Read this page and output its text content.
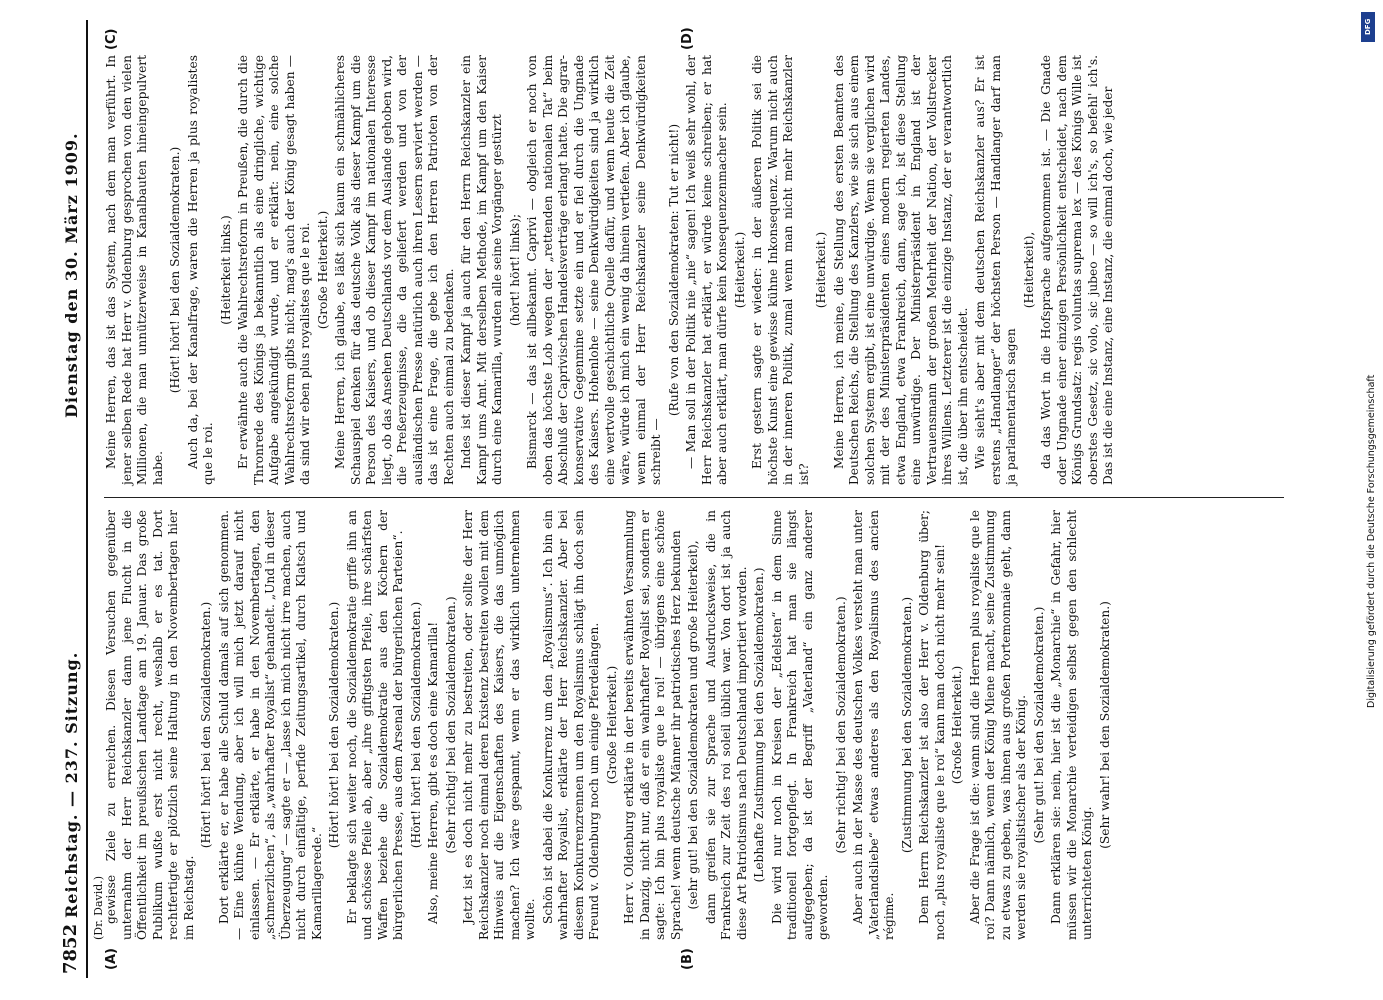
7852
Reichstag. — 237. Sitzung.
Dienstag den 30. März 1909.
(Dr. David.)
(A)	(B)
(C)	(D)

gewisse Ziele zu erreichen. Diesen Versuchen gegenüber unternahm der Herr Reichskanzler dann jene Flucht in die Öffentlichkeit im preußischen Landtage am 19. Januar. Das große Publikum wußte erst nicht recht, weshalb er es tat. Dort rechtfertigte er plötzlich seine Haltung in den Novembertagen hier im Reichstag.

(Hört! hört! bei den Sozialdemokraten.) Dort erklärte er, er habe alle Schuld damals auf sich genommen. — Eine kühne Wendung, aber ich will mich jetzt darauf nicht einlassen. — Er erklärte, er habe in den Novembertagen, den „schmerzlichen“, als „wahrhafter Royalist“ gehandelt. „Und in dieser Überzeugung“ — sagte er — „lasse ich mich nicht irre machen, auch nicht durch einfältige, perfide Zeitungsartikel, durch Klatsch und Kamarillagerede.“

(Hört! hört! bei den Sozialdemokraten.) Er beklagte sich weiter noch, die Sozialdemokratie griffe ihn an und schösse Pfeile ab, aber „ihre giftigsten Pfeile, ihre schärfsten Waffen beziehe die Sozialdemokratie aus den Köchern der bürgerlichen Presse, aus dem Arsenal der bürgerlichen Parteien“. (Hört! hört! bei den Sozialdemokraten.) Also, meine Herren, gibt es doch eine Kamarilla! (Sehr richtig! bei den Sozialdemokraten.) Jetzt ist es doch nicht mehr zu bestreiten, oder sollte der Herr Reichskanzler noch einmal deren Existenz bestreiten wollen mit dem Hinweis auf die Eigenschaften des Kaisers, die das unmöglich machen? Ich wäre gespannt, wenn er das wirklich unternehmen wollte. Schön ist dabei die Konkurrenz um den „Royalismus“. Ich bin ein wahrhafter Royalist, erklärte der Herr Reichskanzler. Aber bei diesem Konkurrenzrennen um den Royalismus schlägt ihn doch sein Freund v. Oldenburg noch um einige Pferdelängen. (Große Heiterkeit.) Herr v. Oldenburg erklärte in der bereits erwähnten Versammlung in Danzig, nicht nur, daß er ein wahrhafter Royalist sei, sondern er sagte: Ich bin plus royaliste que le roi! — übrigens eine schöne Sprache! wenn deutsche Männer ihr patriotisches Herz bekunden (sehr gut! bei den Sozialdemokraten und große Heiterkeit), dann greifen sie zur Sprache und Ausdrucksweise, die in Frankreich zur Zeit des roi soleil üblich war. Von dort ist ja auch diese Art Patriotismus nach Deutschland importiert worden. (Lebhafte Zustimmung bei den Sozialdemokraten.) Die wird nur noch in Kreisen der „Edelsten“ in dem Sinne traditionell fortgepflegt. In Frankreich hat man sie längst aufgegeben; da ist der Begriff „Vaterland“ ein ganz anderer geworden.

(Sehr richtig! bei den Sozialdemokraten.) Aber auch in der Masse des deutschen Volkes versteht man unter „Vaterlandsliebe“ etwas anderes als den Royalismus des ancien régime.

(Zustimmung bei den Sozialdemokraten.) Dem Herrn Reichskanzler ist also der Herr v. Oldenburg über; noch „plus royaliste que le roi“ kann man doch nicht mehr sein! (Große Heiterkeit.) Aber die Frage ist die: wann sind die Herren plus royaliste que le roi? Dann nämlich, wenn der König Miene macht, seine Zustimmung zu etwas zu geben, was ihnen aus großen Portemonnaie geht, dann werden sie royalistischer als der König. (Sehr gut! bei den Sozialdemokraten.) Dann erklären sie: nein, hier ist die „Monarchie“ in Gefahr, hier müssen wir die Monarchie verteidigen selbst gegen den schlecht unterrichteten König.

(Sehr wahr! bei den Sozialdemokraten.)

Meine Herren, das ist das System, nach dem man verführt. In jener selben Rede hat Herr v. Oldenburg gesprochen von den vielen Millionen, die man unnützerweise in Kanalbauten hineingepulvert habe.

(Hört! hört! bei den Sozialdemokraten.) Auch da, bei der Kanalfrage, waren die Herren ja plus royalistes que le roi.

(Heiterkeit links.) Er erwähnte auch die Wahlrechtsreform in Preußen, die durch die Thronrede des Königs ja bekanntlich als eine dringliche, wichtige Aufgabe angekündigt wurde, und er erklärt: nein, eine solche Wahlrechtsreform gibts nicht; mag's auch der König gesagt haben — da sind wir eben plus royalistes que le roi. (Große Heiterkeit.) Meine Herren, ich glaube, es läßt sich kaum ein schmählicheres Schauspiel denken für das deutsche Volk als dieser Kampf um die Person des Kaisers, und ob dieser Kampf im nationalen Interesse liegt, ob das Ansehen Deutschlands vor dem Auslande gehoben wird, die Preßerzeugnisse, die da geliefert werden und von der ausländischen Presse natürlich auch ihren Lesern serviert werden — das ist eine Frage, die gebe ich den Herren Patrioten von der Rechten auch einmal zu bedenken. Indes ist dieser Kampf ja auch für den Herrn Reichskanzler ein Kampf ums Amt. Mit derselben Methode, im Kampf um den Kaiser durch eine Kamarilla, wurden alle seine Vorgänger gestürzt (hört! hört! links); Bismarck — das ist allbekannt. Caprivi — obgleich er noch von oben das höchste Lob wegen der „rettenden nationalen Tat“ beim Abschluß der Caprivischen Handelsverträge erlangt hatte. Die agrar-konservative Gegenmine setzte ein und er fiel durch die Ungnade des Kaisers. Hohenlohe — seine Denkwürdigkeiten sind ja wirklich eine wertvolle geschichtliche Quelle dafür, und wenn heute die Zeit wäre, würde ich mich ein wenig da hinein vertiefen. Aber ich glaube, wenn einmal der Herr Reichskanzler seine Denkwürdigkeiten schreibt —

(Rufe von den Sozialdemokraten: Tut er nicht!) — Man soll in der Politik nie „nie“ sagen! Ich weiß sehr wohl, der Herr Reichskanzler hat erklärt, er würde keine schreiben; er hat aber auch erklärt, man dürfe kein Konsequenzenmacher sein. (Heiterkeit.) Erst gestern sagte er wieder: in der äußeren Politik sei die höchste Kunst eine gewisse kühne Inkonsequenz. Warum nicht auch in der inneren Politik, zumal wenn man nicht mehr Reichskanzler ist?

(Heiterkeit.) Meine Herren, ich meine, die Stellung des ersten Beamten des Deutschen Reichs, die Stellung des Kanzlers, wie sie sich aus einem solchen System ergibt, ist eine unwürdige. Wenn sie verglichen wird mit der des Ministerpräsidenten eines modern regierten Landes, etwa England, etwa Frankreich, dann, sage ich, ist diese Stellung eine unwürdige. Der Ministerpräsident in England ist der Vertrauensmann der großen Mehrheit der Nation, der Vollstrecker ihres Willens. Letzterer ist die einzige Instanz, der er verantwortlich ist, die über ihn entscheidet. Wie sieht's aber mit dem deutschen Reichskanzler aus? Er ist erstens „Handlanger“ der höchsten Person — Handlanger darf man ja parlamentarisch sagen

(Heiterkeit), da das Wort in die Hofsprache aufgenommen ist. — Die Gnade oder Ungnade einer einzigen Persönlichkeit entscheidet, nach dem Königs Grundsatz: regis voluntas suprema lex — des Königs Wille ist oberstes Gesetz, sic volo, sic jubeo — so will ich's, so befehl' ich's. Das ist die eine Instanz, eine Instanz, die einmal doch, wie jeder

DFG
Digitalisierung gefördert durch die Deutsche Forschungsgemeinschaft
